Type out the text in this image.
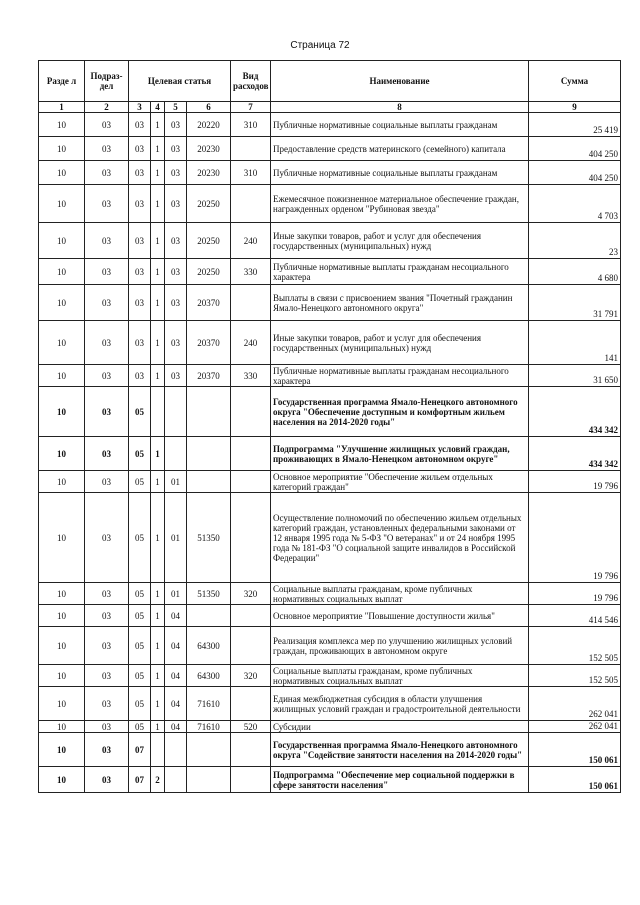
Страница 72
Разде л	Подраз- дел	Целевая статья				Вид расходов	Наименование	Сумма
1	2	3	4	5	6	7	8	9
10	03	03	1	03	20220	310	Публичные нормативные социальные выплаты гражданам	25 419
10	03	03	1	03	20230		Предоставление средств материнского (семейного) капитала	404 250
10	03	03	1	03	20230	310	Публичные нормативные социальные выплаты гражданам	404 250
10	03	03	1	03	20250		Ежемесячное пожизненное материальное обеспечение граждан, награжденных орденом "Рубиновая звезда"	4 703
10	03	03	1	03	20250	240	Иные закупки товаров, работ и услуг для обеспечения государственных (муниципальных) нужд	23
10	03	03	1	03	20250	330	Публичные нормативные выплаты гражданам несоциального характера	4 680
10	03	03	1	03	20370		Выплаты в связи с присвоением звания "Почетный гражданин Ямало-Ненецкого автономного округа"	31 791
10	03	03	1	03	20370	240	Иные закупки товаров, работ и услуг для обеспечения государственных (муниципальных) нужд	141
10	03	03	1	03	20370	330	Публичные нормативные выплаты гражданам несоциального характера	31 650
10	03	05					Государственная программа Ямало-Ненецкого автономного округа "Обеспечение доступным и комфортным жильем населения на 2014-2020 годы"	434 342
10	03	05	1				Подпрограмма "Улучшение жилищных условий граждан, проживающих в Ямало-Ненецком автономном округе"	434 342
10	03	05	1	01			Основное мероприятие "Обеспечение жильем отдельных категорий граждан"	19 796
10	03	05	1	01	51350		Осуществление полномочий по обеспечению жильем отдельных категорий граждан, установленных федеральными законами от 12 января 1995 года № 5-ФЗ "О ветеранах" и от 24 ноября 1995 года № 181-ФЗ "О социальной защите инвалидов в Российской Федерации"	19 796
10	03	05	1	01	51350	320	Социальные выплаты гражданам, кроме публичных нормативных социальных выплат	19 796
10	03	05	1	04			Основное мероприятие "Повышение доступности жилья"	414 546
10	03	05	1	04	64300		Реализация комплекса мер по улучшению жилищных условий граждан, проживающих в автономном округе	152 505
10	03	05	1	04	64300	320	Социальные выплаты гражданам, кроме публичных нормативных социальных выплат	152 505
10	03	05	1	04	71610		Единая межбюджетная субсидия в области улучшения жилищных условий граждан и градостроительной деятельности	262 041
10	03	05	1	04	71610	520	Субсидии	262 041
10	03	07					Государственная программа Ямало-Ненецкого автономного округа "Содействие занятости населения на 2014-2020 годы"	150 061
10	03	07	2				Подпрограмма "Обеспечение мер социальной поддержки в сфере занятости населения"	150 061
